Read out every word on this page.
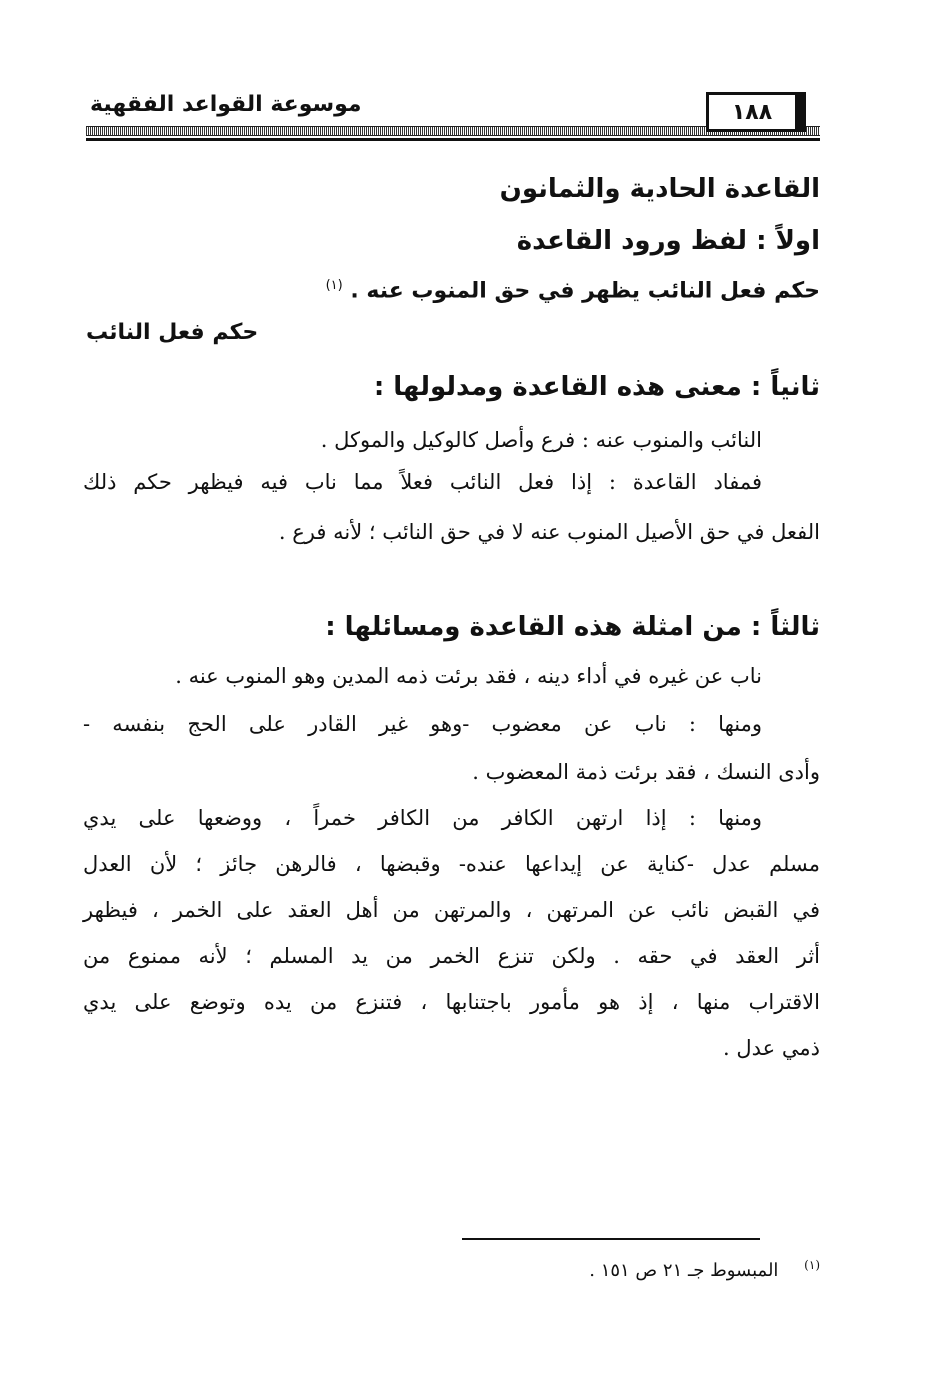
موسوعة القواعد الفقهية	١٨٨
القاعدة الحادية والثمانون
اولاً : لفظ ورود القاعدة
حكم فعل النائب يظهر في حق المنوب عنه . $^{(١)}$
حكم فعل النائب
ثانياً : معنى هذه القاعدة ومدلولها :
النائب والمنوب عنه : فرع وأصل كالوكيل والموكل .
فمفاد القاعدة : إذا فعل النائب فعلاً مما ناب فيه فيظهر حكم ذلك
الفعل في حق الأصيل المنوب عنه لا في حق النائب ؛ لأنه فرع .
ثالثاً : من امثلة هذه القاعدة ومسائلها :
ناب عن غيره في أداء دينه ، فقد برئت ذمه المدين وهو المنوب عنه .
ومنها : ناب عن معضوب -وهو غير القادر على الحج بنفسه -
وأدى النسك ، فقد برئت ذمة المعضوب .
ومنها : إذا ارتهن الكافر من الكافر خمراً ، ووضعها على يدي
مسلم عدل -كناية عن إيداعها عنده- وقبضها ، فالرهن جائز ؛ لأن العدل
في القبض نائب عن المرتهن ، والمرتهن من أهل العقد على الخمر ، فيظهر
أثر العقد في حقه . ولكن تنزع الخمر من يد المسلم ؛ لأنه ممنوع من
الاقتراب منها ، إذ هو مأمور باجتنابها ، فتنزع من يده وتوضع على يدي
ذمي عدل .
$^{(١)}$ المبسوط جـ ٢١ ص ١٥١ .
